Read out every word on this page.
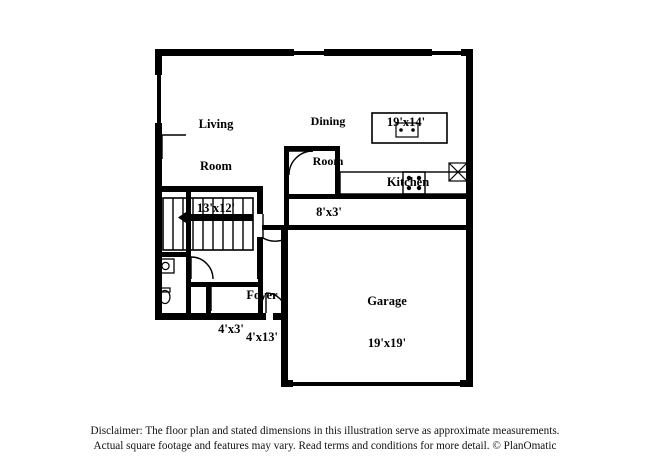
Living

Room

13'x12'

Dining

Room

19'x14'

Kitchen

8'x3'

Foyer

4'x13'

4'x3'

Garage

19'x19'

Disclaimer: The floor plan and stated dimensions in this illustration serve as approximate measurements.
Actual square footage and features may vary. Read terms and conditions for more detail. © PlanOmatic
